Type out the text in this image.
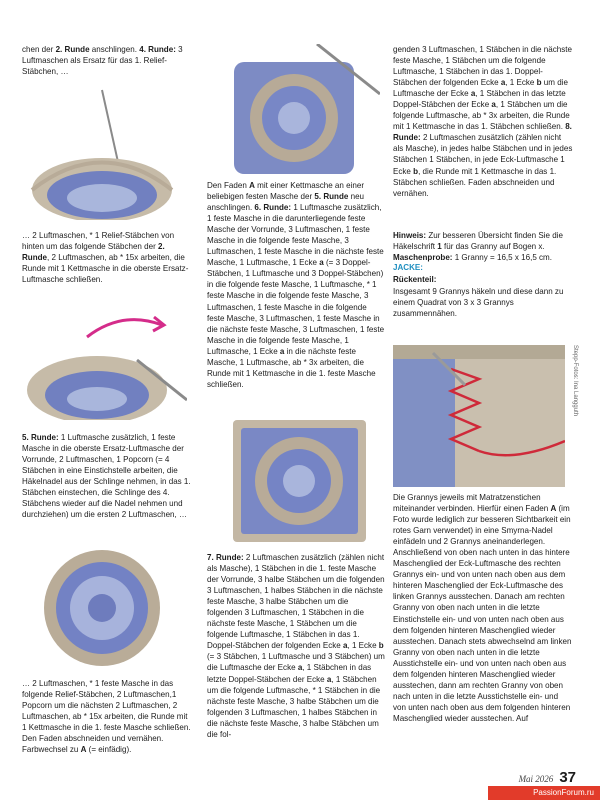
chen der 2. Runde anschlingen. 4. Runde: 3 Luftmaschen als Ersatz für das 1. Relief-Stäbchen, …
… 2 Luftmaschen, * 1 Relief-Stäbchen von hinten um das folgende Stäbchen der 2. Runde, 2 Luftmaschen, ab * 15x arbeiten, die Runde mit 1 Kettmasche in die oberste Ersatz-Luftmasche schließen.
5. Runde: 1 Luftmasche zusätzlich, 1 feste Masche in die oberste Ersatz-Luftmasche der Vorrunde, 2 Luftmaschen, 1 Popcorn (= 4 Stäbchen in eine Einstichstelle arbeiten, die Häkelnadel aus der Schlinge nehmen, in das 1. Stäbchen einstechen, die Schlinge des 4. Stäbchens wieder auf die Nadel nehmen und durchziehen) um die ersten 2 Luftmaschen, …
… 2 Luftmaschen, * 1 feste Masche in das folgende Relief-Stäbchen, 2 Luftmaschen,1 Popcorn um die nächsten 2 Luftmaschen, 2 Luftmaschen, ab * 15x arbeiten, die Runde mit 1 Kettmasche in die 1. feste Masche schließen. Den Faden abschneiden und vernähen. Farbwechsel zu A (= einfädig).
Den Faden A mit einer Kettmasche an einer beliebigen festen Masche der 5. Runde neu anschlingen. 6. Runde: 1 Luftmasche zusätzlich, 1 feste Masche in die darunterliegende feste Masche der Vorrunde, 3 Luftmaschen, 1 feste Masche in die folgende feste Masche, 3 Luftmaschen, 1 feste Masche in die nächste feste Masche, 1 Luftmasche, 1 Ecke a (= 3 Doppel-Stäbchen, 1 Luftmasche und 3 Doppel-Stäbchen) in die folgende feste Masche, 1 Luftmasche, * 1 feste Masche in die folgende feste Masche, 3 Luftmaschen, 1 feste Masche in die folgende feste Masche, 3 Luftmaschen, 1 feste Masche in die nächste feste Masche, 3 Luftmaschen, 1 feste Masche in die folgende feste Masche, 1 Luftmasche, 1 Ecke a in die nächste feste Masche, 1 Luftmasche, ab * 3x arbeiten, die Runde mit 1 Kettmasche in die 1. feste Masche schließen.
7. Runde: 2 Luftmaschen zusätzlich (zählen nicht als Masche), 1 Stäbchen in die 1. feste Masche der Vorrunde, 3 halbe Stäbchen um die folgenden 3 Luftmaschen, 1 halbes Stäbchen in die nächste feste Masche, 3 halbe Stäbchen um die folgenden 3 Luftmaschen, 1 Stäbchen in die nächste feste Masche, 1 Stäbchen um die folgende Luftmasche, 1 Stäbchen in das 1. Doppel-Stäbchen der folgenden Ecke a, 1 Ecke b (= 3 Stäbchen, 1 Luftmasche und 3 Stäbchen) um die Luftmasche der Ecke a, 1 Stäbchen in das letzte Doppel-Stäbchen der Ecke a, 1 Stäbchen um die folgende Luftmasche, * 1 Stäbchen in die nächste feste Masche, 3 halbe Stäbchen um die folgenden 3 Luftmaschen, 1 halbes Stäbchen in die nächste feste Masche, 3 halbe Stäbchen um die fol-
genden 3 Luftmaschen, 1 Stäbchen in die nächste feste Masche, 1 Stäbchen um die folgende Luftmasche, 1 Stäbchen in das 1. Doppel-Stäbchen der folgenden Ecke a, 1 Ecke b um die Luftmasche der Ecke a, 1 Stäbchen in das letzte Doppel-Stäbchen der Ecke a, 1 Stäbchen um die folgende Luftmasche, ab * 3x arbeiten, die Runde mit 1 Kettmasche in das 1. Stäbchen schließen. 8. Runde: 2 Luftmaschen zusätzlich (zählen nicht als Masche), in jedes halbe Stäbchen und in jedes Stäbchen 1 Stäbchen, in jede Eck-Luftmasche 1 Ecke b, die Runde mit 1 Kettmasche in das 1. Stäbchen schließen. Faden abschneiden und vernähen.
Hinweis: Zur besseren Übersicht finden Sie die Häkelschrift 1 für das Granny auf Bogen x. Maschenprobe: 1 Granny = 16,5 x 16,5 cm.
JACKE:
Rückenteil:
Insgesamt 9 Grannys häkeln und diese dann zu einem Quadrat von 3 x 3 Grannys zusammennähen.
Stepp-Fotos: Ina Langguth
Die Grannys jeweils mit Matratzenstichen miteinander verbinden. Hierfür einen Faden A (im Foto wurde lediglich zur besseren Sichtbarkeit ein rotes Garn verwendet) in eine Smyrna-Nadel einfädeln und 2 Grannys aneinanderlegen. Anschließend von oben nach unten in das hintere Maschenglied der Eck-Luftmasche des rechten Grannys ein- und von unten nach oben aus dem hinteren Maschenglied der Eck-Luftmasche des linken Grannys ausstechen. Danach am rechten Granny von oben nach unten in die letzte Einstichstelle ein- und von unten nach oben aus dem folgenden hinteren Maschenglied wieder ausstechen. Danach stets abwechselnd am linken Granny von oben nach unten in die letzte Ausstichstelle ein- und von unten nach oben aus dem folgenden hinteren Maschenglied wieder ausstechen, dann am rechten Granny von oben nach unten in die letzte Ausstichstelle ein- und von unten nach oben aus dem folgenden hinteren Maschenglied wieder ausstechen. Auf
Mai 2026 37
PassionForum.ru
